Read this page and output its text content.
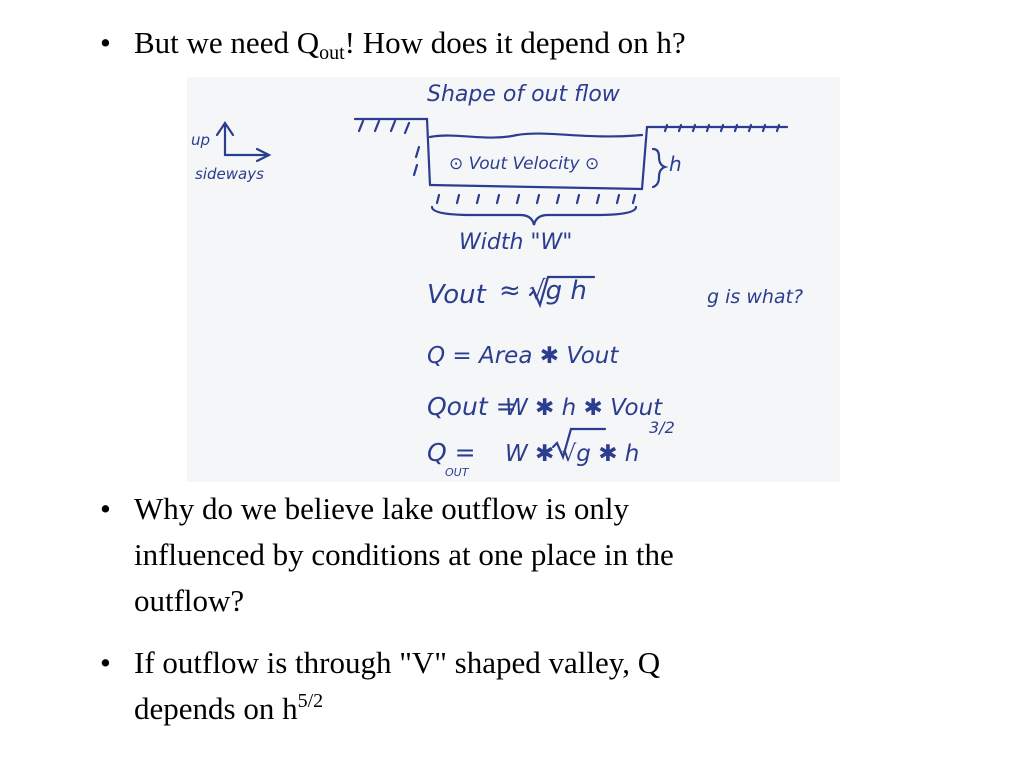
• But we need $Q_{out}$! How does it depend on h?
Shape of out flow
up
sideways	⊙ Vout Velocity ⊙	h
Width "W"
Vout ≈ √g h	g is what?
Q = Area ✱ Vout
Qout =
W ✱ h ✱ Vout
Q =
OUT
W ✱ √g ✱ h
3/2
• Why do we believe lake outflow is only
influenced by conditions at one place in the
outflow?
• If outflow is through "V" shaped valley, Q
depends on $h^{5/2}$
